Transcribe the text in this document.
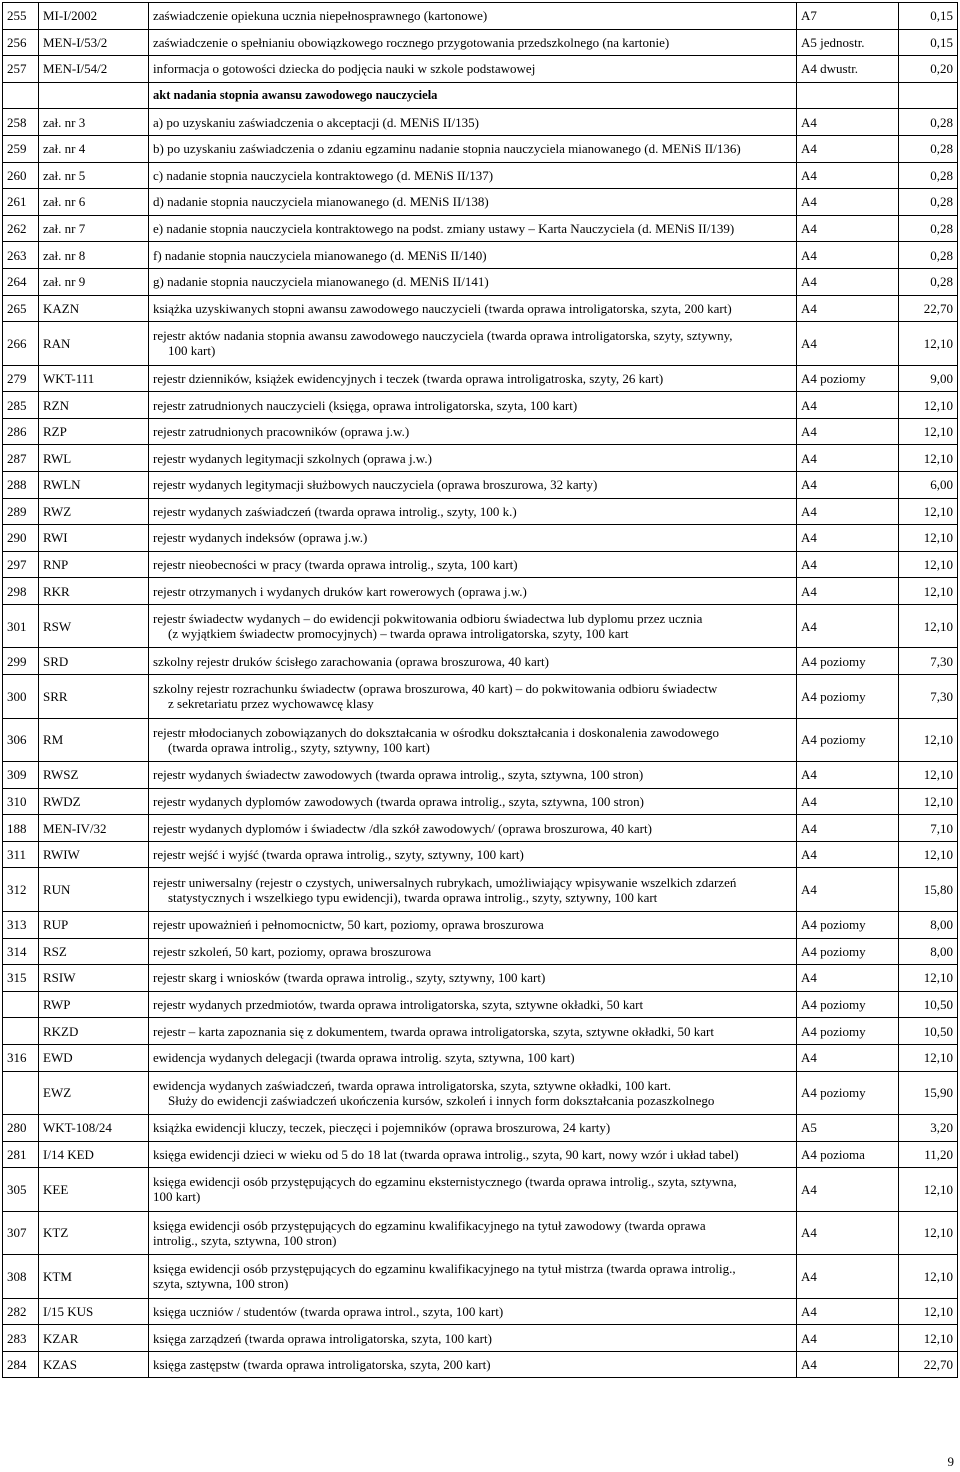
255	MI-I/2002	zaświadczenie opiekuna ucznia niepełnosprawnego (kartonowe)	A7	0,15
256	MEN-I/53/2	zaświadczenie o spełnianiu obowiązkowego rocznego przygotowania przedszkolnego (na kartonie)	A5 jednostr.	0,15
257	MEN-I/54/2	informacja o gotowości dziecka do podjęcia nauki w szkole podstawowej	A4 dwustr.	0,20
		akt nadania stopnia awansu zawodowego nauczyciela		
258	zał. nr 3	a) po uzyskaniu zaświadczenia o akceptacji (d. MENiS II/135)	A4	0,28
259	zał. nr 4	b) po uzyskaniu zaświadczenia o zdaniu egzaminu nadanie stopnia nauczyciela mianowanego (d. MENiS II/136)	A4	0,28
260	zał. nr 5	c) nadanie stopnia nauczyciela kontraktowego (d. MENiS II/137)	A4	0,28
261	zał. nr 6	d) nadanie stopnia nauczyciela mianowanego (d. MENiS II/138)	A4	0,28
262	zał. nr 7	e) nadanie stopnia nauczyciela kontraktowego na podst. zmiany ustawy – Karta Nauczyciela (d. MENiS II/139)	A4	0,28
263	zał. nr 8	f) nadanie stopnia nauczyciela mianowanego (d. MENiS II/140)	A4	0,28
264	zał. nr 9	g) nadanie stopnia nauczyciela mianowanego (d. MENiS II/141)	A4	0,28
265	KAZN	książka uzyskiwanych stopni awansu zawodowego nauczycieli (twarda oprawa introligatorska, szyta, 200 kart)	A4	22,70
266	RAN	rejestr aktów nadania stopnia awansu zawodowego nauczyciela (twarda oprawa introligatorska, szyty, sztywny,
100 kart)	A4	12,10
279	WKT-111	rejestr dzienników, książek ewidencyjnych i teczek (twarda oprawa introligatroska, szyty, 26 kart)	A4 poziomy	9,00
285	RZN	rejestr zatrudnionych nauczycieli (księga, oprawa introligatorska, szyta, 100 kart)	A4	12,10
286	RZP	rejestr zatrudnionych pracowników (oprawa j.w.)	A4	12,10
287	RWL	rejestr wydanych legitymacji szkolnych (oprawa j.w.)	A4	12,10
288	RWLN	rejestr wydanych legitymacji służbowych nauczyciela (oprawa broszurowa, 32 karty)	A4	6,00
289	RWZ	rejestr wydanych zaświadczeń (twarda oprawa introlig., szyty, 100 k.)	A4	12,10
290	RWI	rejestr wydanych indeksów (oprawa j.w.)	A4	12,10
297	RNP	rejestr nieobecności w pracy (twarda oprawa introlig., szyta, 100 kart)	A4	12,10
298	RKR	rejestr otrzymanych i wydanych druków kart rowerowych (oprawa j.w.)	A4	12,10
301	RSW	rejestr świadectw wydanych – do ewidencji pokwitowania odbioru świadectwa lub dyplomu przez ucznia
(z wyjątkiem świadectw promocyjnych) – twarda oprawa introligatorska, szyty, 100 kart	A4	12,10
299	SRD	szkolny rejestr druków ścisłego zarachowania (oprawa broszurowa, 40 kart)	A4 poziomy	7,30
300	SRR	szkolny rejestr rozrachunku świadectw (oprawa broszurowa, 40 kart) – do pokwitowania odbioru świadectw
z sekretariatu przez wychowawcę klasy	A4 poziomy	7,30
306	RM	rejestr młodocianych zobowiązanych do dokształcania w ośrodku dokształcania i doskonalenia zawodowego
(twarda oprawa introlig., szyty, sztywny, 100 kart)	A4 poziomy	12,10
309	RWSZ	rejestr wydanych świadectw zawodowych (twarda oprawa introlig., szyta, sztywna, 100 stron)	A4	12,10
310	RWDZ	rejestr wydanych dyplomów zawodowych (twarda oprawa introlig., szyta, sztywna, 100 stron)	A4	12,10
188	MEN-IV/32	rejestr wydanych dyplomów i świadectw /dla szkół zawodowych/ (oprawa broszurowa, 40 kart)	A4	7,10
311	RWIW	rejestr wejść i wyjść (twarda oprawa introlig., szyty, sztywny, 100 kart)	A4	12,10
312	RUN	rejestr uniwersalny (rejestr o czystych, uniwersalnych rubrykach, umożliwiający wpisywanie wszelkich zdarzeń
statystycznych i wszelkiego typu ewidencji), twarda oprawa introlig., szyty, sztywny, 100 kart	A4	15,80
313	RUP	rejestr upoważnień i pełnomocnictw, 50 kart, poziomy, oprawa broszurowa	A4 poziomy	8,00
314	RSZ	rejestr szkoleń, 50 kart, poziomy, oprawa broszurowa	A4 poziomy	8,00
315	RSIW	rejestr skarg i wniosków (twarda oprawa introlig., szyty, sztywny, 100 kart)	A4	12,10
	RWP	rejestr wydanych przedmiotów, twarda oprawa introligatorska, szyta, sztywne okładki, 50 kart	A4 poziomy	10,50
	RKZD	rejestr – karta zapoznania się z dokumentem, twarda oprawa introligatorska, szyta, sztywne okładki, 50 kart	A4 poziomy	10,50
316	EWD	ewidencja wydanych delegacji (twarda oprawa introlig. szyta, sztywna, 100 kart)	A4	12,10
	EWZ	ewidencja wydanych zaświadczeń, twarda oprawa introligatorska, szyta, sztywne okładki, 100 kart.
Służy do ewidencji zaświadczeń ukończenia kursów, szkoleń i innych form dokształcania pozaszkolnego	A4 poziomy	15,90
280	WKT-108/24	książka ewidencji kluczy, teczek, pieczęci i pojemników (oprawa broszurowa, 24 karty)	A5	3,20
281	I/14 KED	księga ewidencji dzieci w wieku od 5 do 18 lat (twarda oprawa introlig., szyta, 90 kart, nowy wzór i układ tabel)	A4 pozioma	11,20
305	KEE	księga ewidencji osób przystępujących do egzaminu eksternistycznego (twarda oprawa introlig., szyta, sztywna,
100 kart)	A4	12,10
307	KTZ	księga ewidencji osób przystępujących do egzaminu kwalifikacyjnego na tytuł zawodowy (twarda oprawa
introlig., szyta, sztywna, 100 stron)	A4	12,10
308	KTM	księga ewidencji osób przystępujących do egzaminu kwalifikacyjnego na tytuł mistrza (twarda oprawa introlig.,
szyta, sztywna, 100 stron)	A4	12,10
282	I/15 KUS	księga uczniów / studentów (twarda oprawa introl., szyta, 100 kart)	A4	12,10
283	KZAR	księga zarządzeń (twarda oprawa introligatorska, szyta, 100 kart)	A4	12,10
284	KZAS	księga zastępstw (twarda oprawa introligatorska, szyta, 200 kart)	A4	22,70
9
